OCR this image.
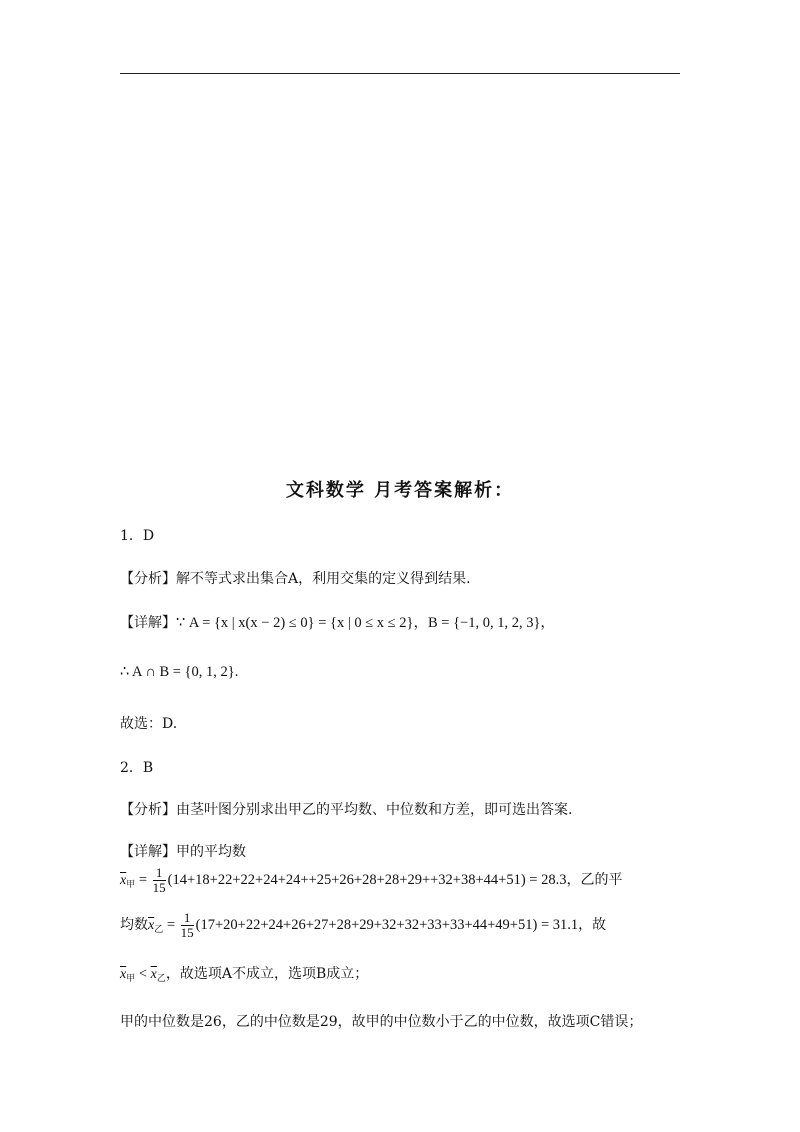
文科数学 月考答案解析：
1．D
【分析】解不等式求出集合A，利用交集的定义得到结果.
【详解】∵ A = {x | x(x − 2) ≤ 0} = {x | 0 ≤ x ≤ 2}，B = {−1, 0, 1, 2, 3}，
∴ A ∩ B = {0, 1, 2}.
故选：D.
2．B
【分析】由茎叶图分别求出甲乙的平均数、中位数和方差，即可选出答案.
【详解】甲的平均数
$\overline{x}_甲 = \frac{1}{15} (14+18+22+22+24+24++25+26+28+28+29++32+38+44+51) = 28.3$，乙的平
均数$\overline{x}_乙 = \frac{1}{15} (17+20+22+24+26+27+28+29+32+32+33+33+44+49+51) = 31.1$，故
$\overline{x}_甲 < \overline{x}_乙$，故选项A不成立，选项B成立；
甲的中位数是26，乙的中位数是29，故甲的中位数小于乙的中位数，故选项C错误；
